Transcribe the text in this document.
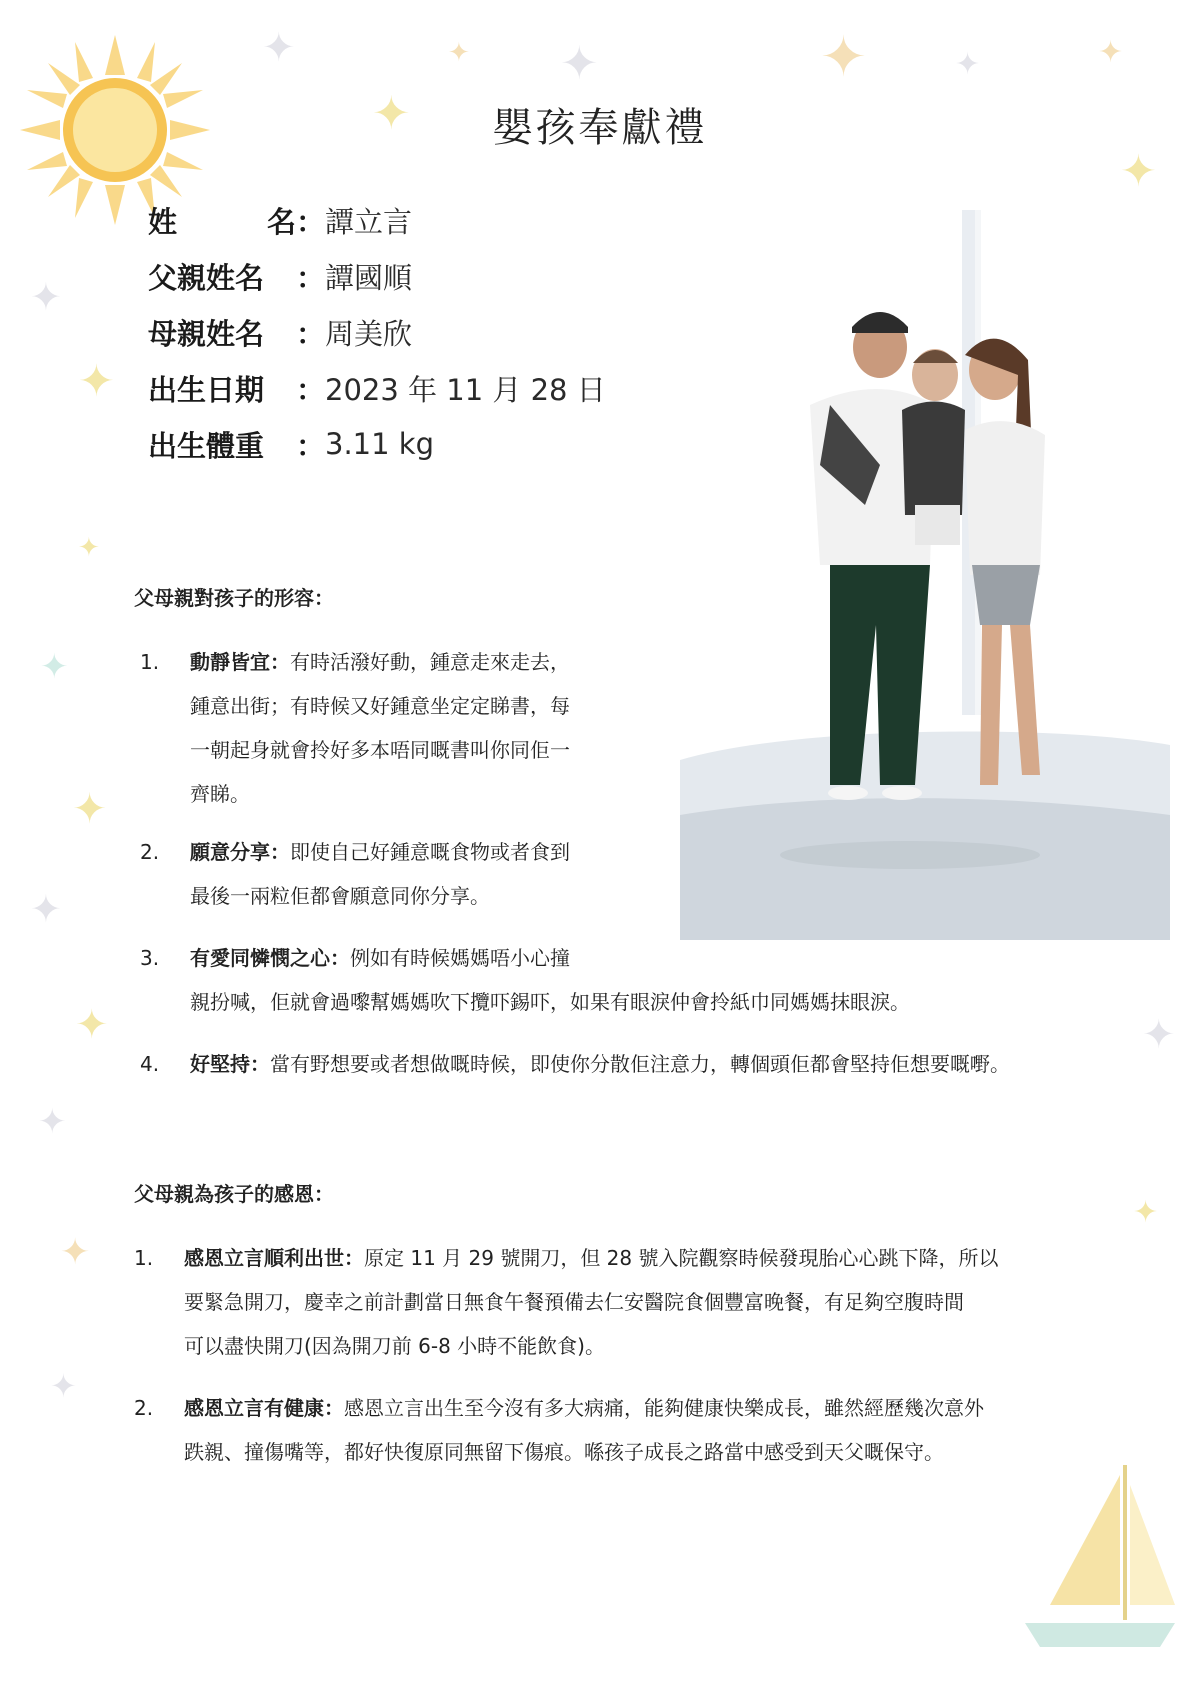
✦	✦ ✦
✦
✦	✦	✦
✦
✦
✦
✦
✦
✦
✦
✦
✦
✦
✦
✦
✦
嬰孩奉獻禮
姓	名 ： 譚立言
父親姓名	： 譚國順
母親姓名	： 周美欣
出生日期	： 2023 年 11 月 28 日
出生體重	： 3.11 kg
父母親對孩子的形容：
1.	動靜皆宜：有時活潑好動，鍾意走來走去，
鍾意出街；有時候又好鍾意坐定定睇書，每
一朝起身就會拎好多本唔同嘅書叫你同佢一
齊睇。
2.	願意分享：即使自己好鍾意嘅食物或者食到
最後一兩粒佢都會願意同你分享。
3.	有愛同憐憫之心：例如有時候媽媽唔小心撞
親扮喊，佢就會過嚟幫媽媽吹下攬吓錫吓，如果有眼淚仲會拎紙巾同媽媽抹眼淚。
4.	好堅持：當有野想要或者想做嘅時候，即使你分散佢注意力，轉個頭佢都會堅持佢想要嘅嘢。
父母親為孩子的感恩：
1.	感恩立言順利出世：原定 11 月 29 號開刀，但 28 號入院觀察時候發現胎心心跳下降，所以
要緊急開刀，慶幸之前計劃當日無食午餐預備去仁安醫院食個豐富晚餐，有足夠空腹時間
可以盡快開刀(因為開刀前 6-8 小時不能飲食)。
2.	感恩立言有健康：感恩立言出生至今沒有多大病痛，能夠健康快樂成長，雖然經歷幾次意外
跌親、撞傷嘴等，都好快復原同無留下傷痕。喺孩子成長之路當中感受到天父嘅保守。
